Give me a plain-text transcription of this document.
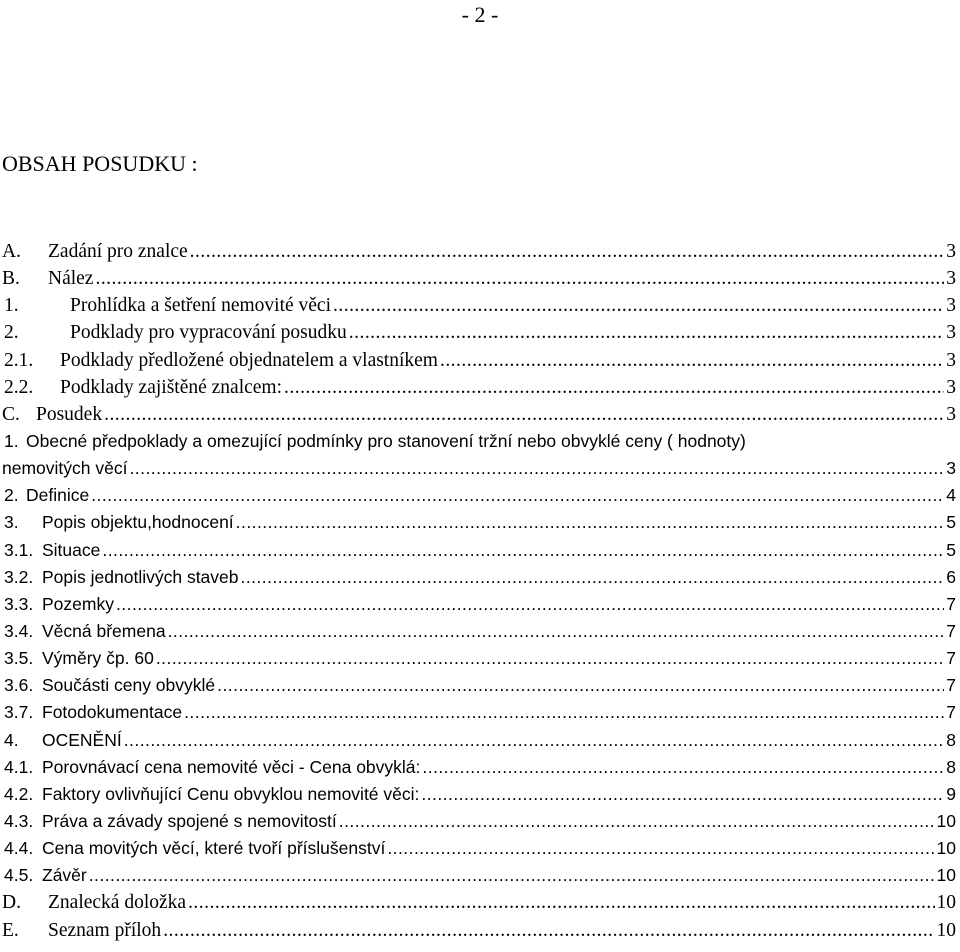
- 2 -
OBSAH POSUDKU :
A.	Zadání pro znalce . . .	3
B.	Nález . . .	3
1.	Prohlídka a šetření nemovité věci . . .	3
2.	Podklady pro vypracování posudku . . .	3
2.1.	Podklady předložené objednatelem a vlastníkem . . .	3
2.2.	Podklady zajištěné znalcem: . . .	3
C. Posudek . . .	3
1. Obecné předpoklady a omezující podmínky pro stanovení tržní nebo obvyklé ceny ( hodnoty)
nemovitých věcí . . .	3
2. Definice . . .	4
3.	Popis objektu,hodnocení . . .	5
3.1. Situace . . .	5
3.2. Popis jednotlivých staveb . . .	6
3.3. Pozemky . . .	7
3.4. Věcná břemena . . .	7
3.5. Výměry čp. 60 . . .	7
3.6. Součásti ceny obvyklé . . .	7
3.7. Fotodokumentace . . .	7
4.	OCENĚNÍ . . .	8
4.1. Porovnávací cena nemovité věci - Cena obvyklá: . . .	8
4.2. Faktory ovlivňující Cenu obvyklou nemovité věci: . . .	9
4.3. Práva a závady spojené s nemovitostí . . .	10
4.4. Cena movitých věcí, které tvoří příslušenství . . .	10
4.5. Závěr . . .	10
D.	Znalecká doložka . . .	10
E.	Seznam příloh . . .	10
